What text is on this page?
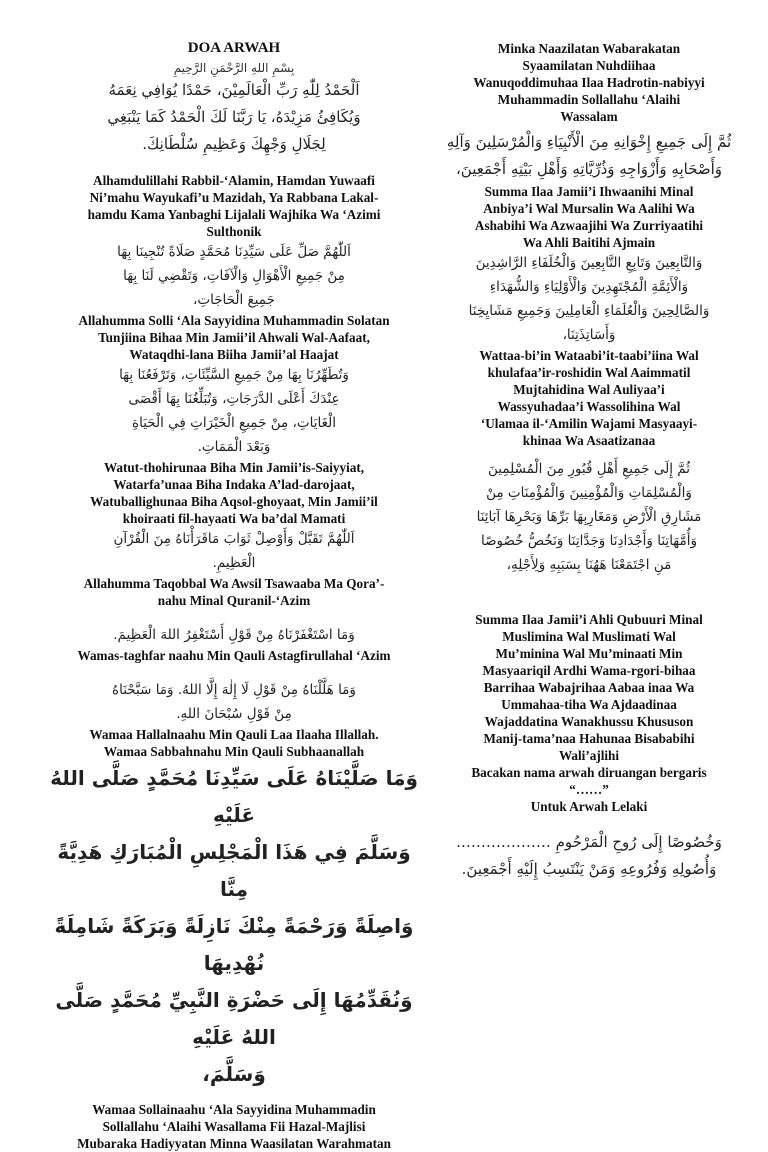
DOA ARWAH

بِسْمِ اللهِ الرَّحْمَنِ الرَّحِيمِ

اَلْحَمْدُ لِلّٰهِ رَبِّ الْعَالَمِيْنَ، حَمْدًا يُوَافِي نِعَمَهُ

وَيُكَافِئُ مَزِيْدَهُ، يَا رَبَّنَا لَكَ الْحَمْدُ كَمَا يَنْبَغِي

لِجَلَالِ وَجْهِكَ وَعَظِيمِ سُلْطَانِكَ.

Alhamdulillahi Rabbil-‘Alamin, Hamdan Yuwaafi

Ni’mahu Wayukafi’u Mazidah, Ya Rabbana Lakal-

hamdu Kama Yanbaghi Lijalali Wajhika Wa ‘Azimi

Sulthonik

اَللّٰهُمَّ صَلِّ عَلَى سَيِّدِنَا مُحَمَّدٍ صَلَاةً تُنْجِينَا بِهَا

مِنْ جَمِيعِ الْأَهْوَالِ وَالْآفَاتِ، وَتَقْضِي لَنَا بِهَا

جَمِيعَ الْحَاجَاتِ،

Allahumma Solli ‘Ala Sayyidina Muhammadin Solatan

Tunjiina Bihaa Min Jamii’il Ahwali Wal-Aafaat,

Wataqdhi-lana Biiha Jamii’al Haajat

وَتُطَهِّرُنَا بِهَا مِنْ جَمِيعِ السَّيِّئَاتِ، وَتَرْفَعُنَا بِهَا

عِنْدَكَ أَعْلَى الدَّرَجَاتِ، وَتُبَلِّغُنَا بِهَا أَقْصَى

الْغَايَاتِ، مِنْ جَمِيعِ الْخَيْرَاتِ فِي الْحَيَاةِ

وَبَعْدَ الْمَمَاتِ.

Watut-thohirunaa Biha Min Jamii’is-Saiyyiat,

Watarfa’unaa Biha Indaka A’lad-darojaat,

Watuballighunaa Biha Aqsol-ghoyaat, Min Jamii’il

khoiraati fil-hayaati Wa ba’dal Mamati

اَللّٰهُمَّ تَقَبَّلْ وَأَوْصِلْ ثَوَابَ مَاقَرَأْنَاهُ مِنَ الْقُرْآنِ

الْعَظِيمِ.

Allahumma Taqobbal Wa Awsil Tsawaaba Ma Qora’-

nahu Minal Quranil-‘Azim

وَمَا اسْتَغْفَرْنَاهُ مِنْ قَوْلِ أَسْتَغْفِرُ اللهَ الْعَظِيمَ.

Wamas-taghfar naahu Min Qauli Astagfirullahal ‘Azim

وَمَا هَلَّلْنَاهُ مِنْ قَوْلِ لَا إِلٰهَ إِلَّا اللهُ. وَمَا سَبَّحْنَاهُ

مِنْ قَوْلِ سُبْحَانَ اللهِ.

Wamaa Hallalnaahu Min Qauli Laa Ilaaha Illallah.

Wamaa Sabbahnahu Min Qauli Subhaanallah

وَمَا صَلَّيْنَاهُ عَلَى سَيِّدِنَا مُحَمَّدٍ صَلَّى اللهُ عَلَيْهِ

وَسَلَّمَ فِي هَذَا الْمَجْلِسِ الْمُبَارَكِ هَدِيَّةً مِنَّا

وَاصِلَةً وَرَحْمَةً مِنْكَ نَازِلَةً وَبَرَكَةً شَامِلَةً نُهْدِيهَا

وَنُقَدِّمُهَا إِلَى حَضْرَةِ النَّبِيِّ مُحَمَّدٍ صَلَّى اللهُ عَلَيْهِ

وَسَلَّمَ،

Wamaa Sollainaahu ‘Ala Sayyidina Muhammadin

Sollallahu ‘Alaihi Wasallama Fii Hazal-Majlisi

Mubaraka Hadiyyatan Minna Waasilatan Warahmatan

Minka Naazilatan Wabarakatan

Syaamilatan Nuhdiihaa

Wanuqoddimuhaa Ilaa Hadrotin-nabiyyi

Muhammadin Sollallahu ‘Alaihi

Wassalam

ثُمَّ إِلَى جَمِيعِ إِخْوَانِهِ مِنَ الْأَنْبِيَاءِ وَالْمُرْسَلِينَ وَآلِهِ

وَأَصْحَابِهِ وَأَزْوَاجِهِ وَذُرِّيَّاتِهِ وَأَهْلِ بَيْتِهِ أَجْمَعِينَ،

Summa Ilaa Jamii’i Ihwaanihi Minal

Anbiya’i Wal Mursalin Wa Aalihi Wa

Ashabihi Wa Azwaajihi Wa Zurriyaatihi

Wa Ahli Baitihi Ajmain

وَالتَّابِعِينَ وَتَابِعِ التَّابِعِينَ وَالْخُلَفَاءِ الرَّاشِدِينَ

وَالْأَئِمَّةِ الْمُجْتَهِدِينَ وَالْأَوْلِيَاءِ وَالشُّهَدَاءِ

وَالصَّالِحِينَ وَالْعُلَمَاءِ الْعَامِلِينَ وَجَمِيعِ مَشَايِخِنَا

وَأَسَاتِذَتِنَا،

Wattaa-bi’in Wataabi’it-taabi’iina Wal

khulafaa’ir-roshidin Wal Aaimmatil

Mujtahidina Wal Auliyaa’i

Wassyuhadaa’i Wassolihina Wal

‘Ulamaa il-‘Amilin Wajami Masyaayi-

khinaa Wa Asaatizanaa

ثُمَّ إِلَى جَمِيعِ أَهْلِ قُبُورِ مِنَ الْمُسْلِمِينَ

وَالْمُسْلِمَاتِ وَالْمُؤْمِنِينَ وَالْمُؤْمِنَاتِ مِنْ

مَشَارِقِ الْأَرْضِ وَمَغَارِبِهَا بَرِّهَا وَبَحْرِهَا آبَائِنَا

وَأُمَّهَاتِنَا وَأَجْدَادِنَا وَجَدَّاتِنَا وَنَخُصُّ خُصُوصًا

مَنِ اجْتَمَعْنَا هَهُنَا بِسَبَبِهِ وَلِأَجْلِهِ،

Summa Ilaa Jamii’i Ahli Qubuuri Minal

Muslimina Wal Muslimati Wal

Mu’minina Wal Mu’minaati Min

Masyaariqil Ardhi Wama-rgori-bihaa

Barrihaa Wabajrihaa Aabaa inaa Wa

Ummahaa-tiha Wa Ajdaadinaa

Wajaddatina Wanakhussu Khususon

Manij-tama’naa Hahunaa Bisababihi

Wali’ajlihi

Bacakan nama arwah diruangan bergaris

“……”

Untuk Arwah Lelaki

وَخُصُوصًا إِلَى رُوحِ الْمَرْحُومِ ……………….

وَأُصُولِهِ وَفُرُوعِهِ وَمَنْ يَنْتَسِبُ إِلَيْهِ أَجْمَعِينَ.
